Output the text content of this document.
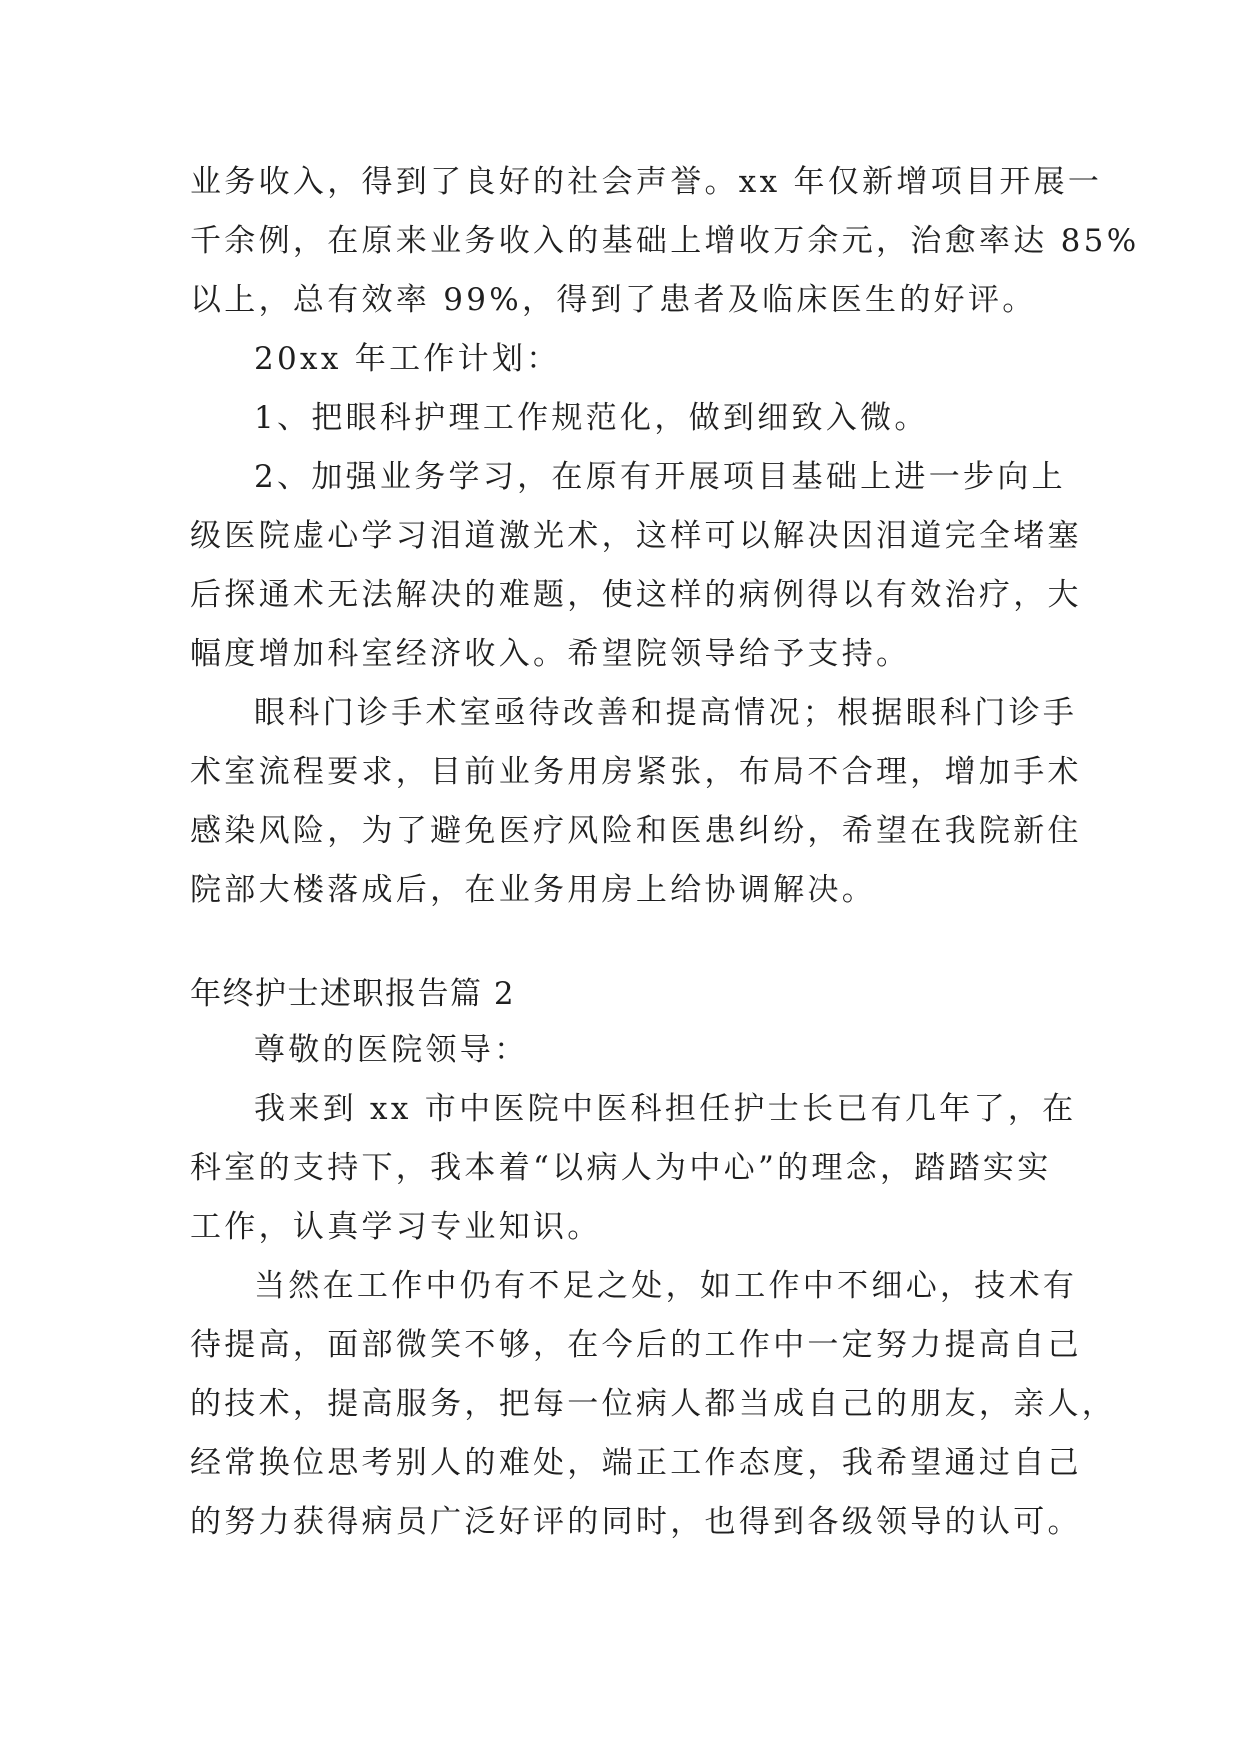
业务收入，得到了良好的社会声誉。xx 年仅新增项目开展一
千余例，在原来业务收入的基础上增收万余元，治愈率达 85%
以上，总有效率 99%，得到了患者及临床医生的好评。
20xx 年工作计划：
1、把眼科护理工作规范化，做到细致入微。
2、加强业务学习，在原有开展项目基础上进一步向上
级医院虚心学习泪道激光术，这样可以解决因泪道完全堵塞
后探通术无法解决的难题，使这样的病例得以有效治疗，大
幅度增加科室经济收入。希望院领导给予支持。
眼科门诊手术室亟待改善和提高情况；根据眼科门诊手
术室流程要求，目前业务用房紧张，布局不合理，增加手术
感染风险，为了避免医疗风险和医患纠纷，希望在我院新住
院部大楼落成后，在业务用房上给协调解决。
年终护士述职报告篇 2
尊敬的医院领导：
我来到 xx 市中医院中医科担任护士长已有几年了，在
科室的支持下，我本着“以病人为中心”的理念，踏踏实实
工作，认真学习专业知识。
当然在工作中仍有不足之处，如工作中不细心，技术有
待提高，面部微笑不够，在今后的工作中一定努力提高自己
的技术，提高服务，把每一位病人都当成自己的朋友，亲人，
经常换位思考别人的难处，端正工作态度，我希望通过自己
的努力获得病员广泛好评的同时，也得到各级领导的认可。
